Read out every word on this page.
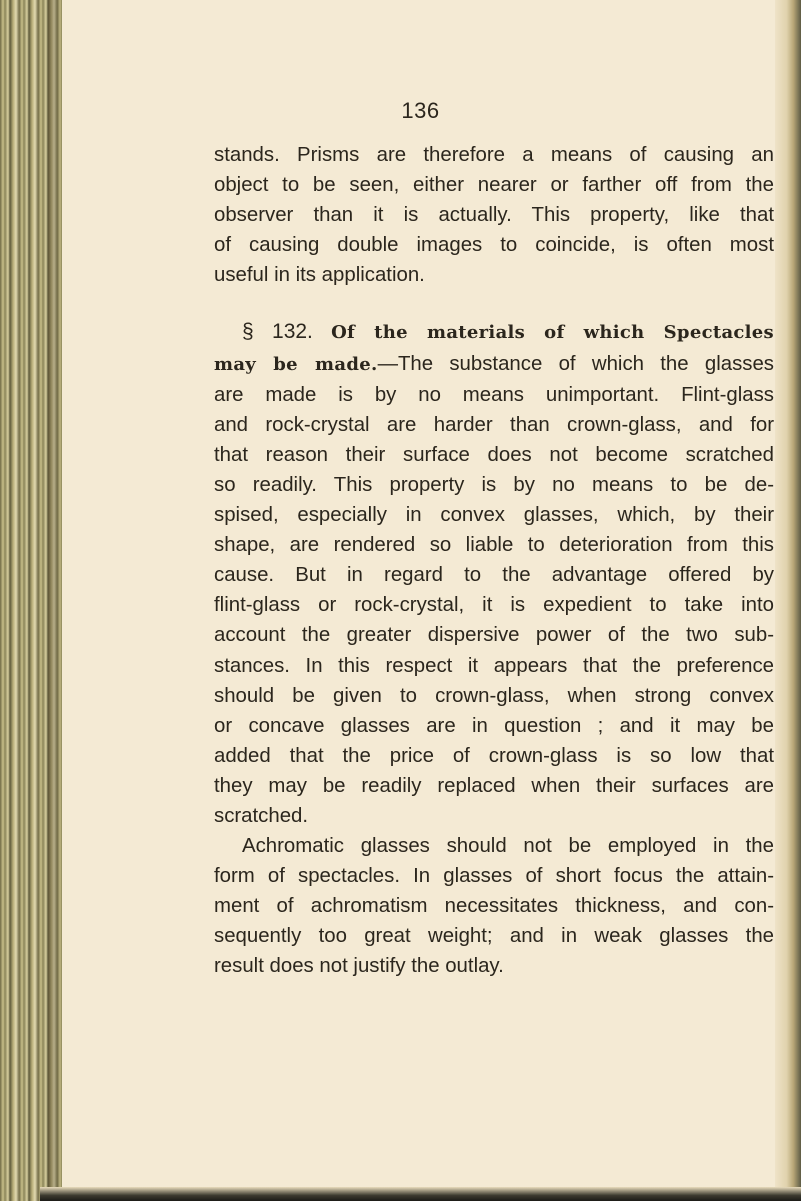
136
stands. Prisms are therefore a means of causing an
object to be seen, either nearer or farther off from the
observer than it is actually. This property, like that
of causing double images to coincide, is often most
useful in its application.
§ 132. Of the materials of which Spectacles
may be made.—The substance of which the glasses
are made is by no means unimportant. Flint-glass
and rock-crystal are harder than crown-glass, and for
that reason their surface does not become scratched
so readily. This property is by no means to be de-
spised, especially in convex glasses, which, by their
shape, are rendered so liable to deterioration from this
cause. But in regard to the advantage offered by
flint-glass or rock-crystal, it is expedient to take into
account the greater dispersive power of the two sub-
stances. In this respect it appears that the preference
should be given to crown-glass, when strong convex
or concave glasses are in question ; and it may be
added that the price of crown-glass is so low that
they may be readily replaced when their surfaces are
scratched.
Achromatic glasses should not be employed in the
form of spectacles. In glasses of short focus the attain-
ment of achromatism necessitates thickness, and con-
sequently too great weight; and in weak glasses the
result does not justify the outlay.
